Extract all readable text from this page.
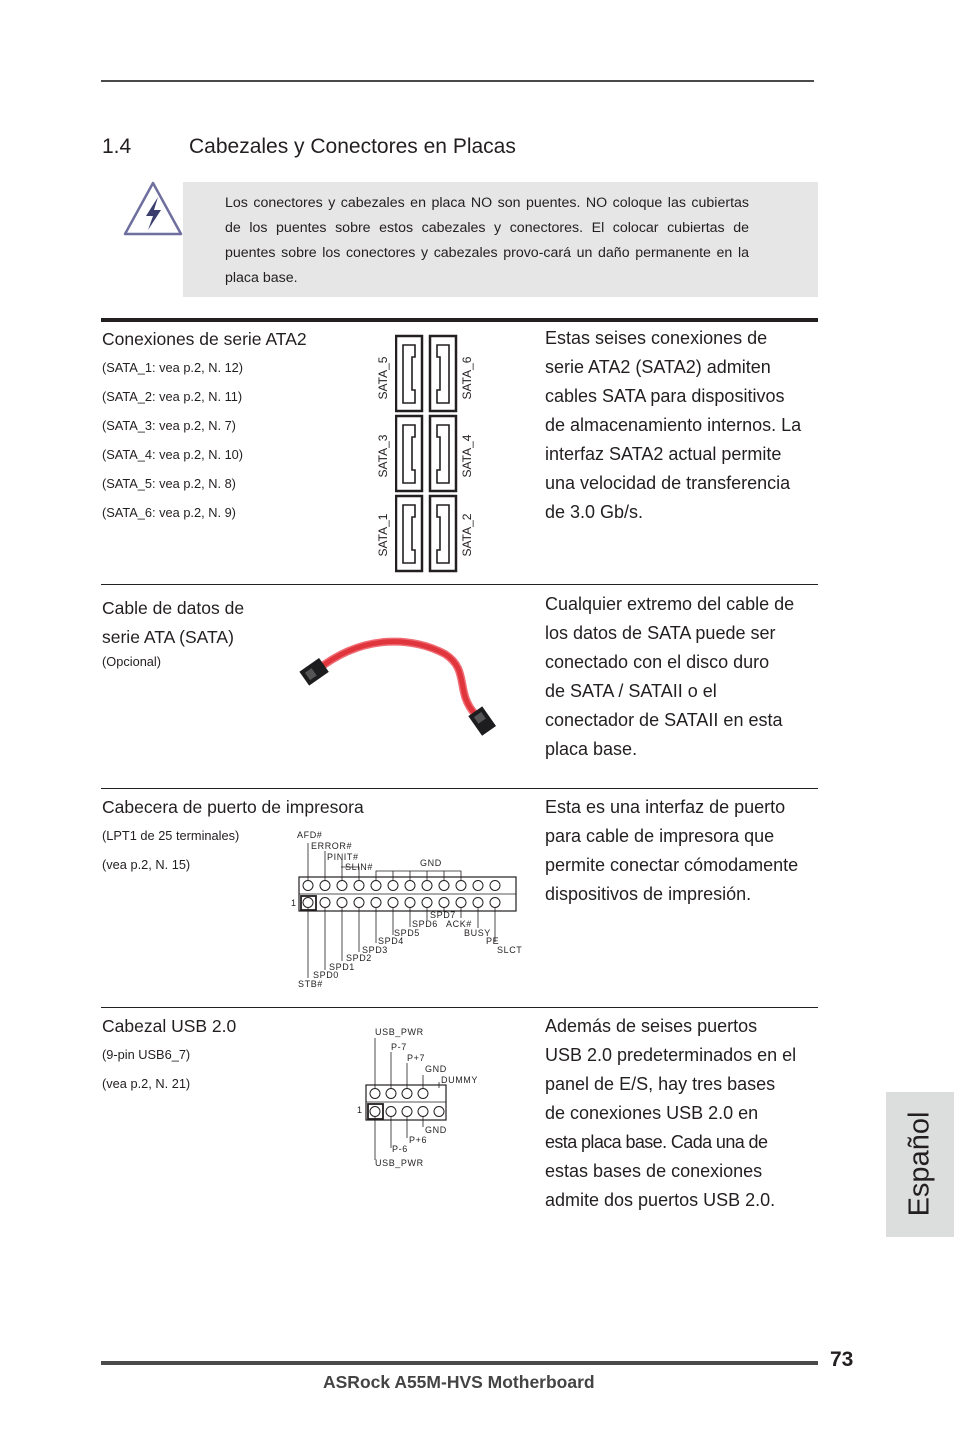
1.4	Cabezales y Conectores en Placas
Los conectores y cabezales en placa NO son puentes. NO coloque las cubiertas de los puentes sobre estos cabezales y conectores. El colocar cubiertas de puentes sobre los conectores y cabezales provo-cará un daño permanente en la placa base.
Conexiones de serie ATA2
(SATA_1: vea p.2, N. 12)
(SATA_2: vea p.2, N. 11)
(SATA_3: vea p.2, N. 7)
(SATA_4: vea p.2, N. 10)
(SATA_5: vea p.2, N. 8)
(SATA_6: vea p.2, N. 9)
SATA_5	SATA_6
SATA_3	SATA_4
SATA_1	SATA_2
Estas seises conexiones de
serie ATA2 (SATA2) admiten
cables SATA para dispositivos
de almacenamiento internos. La
interfaz SATA2 actual permite
una velocidad de transferencia
de 3.0 Gb/s.
Cable de datos de
serie ATA (SATA)
(Opcional)
Cualquier extremo del cable de
los datos de SATA puede ser
conectado con el disco duro
de SATA / SATAII o el
conectador de SATAII en esta
placa base.
Cabecera de puerto de impresora
(LPT1 de 25 terminales)
(vea p.2, N. 15)
AFD#
ERROR#
PINIT#
SLIN#	GND
1
SPD7
SPD6 ACK#
SPD5	BUSY
SPD4	PE
SPD3	SLCT
SPD2
SPD1
SPD0
STB#
Esta es una interfaz de puerto
para cable de impresora que
permite conectar cómodamente
dispositivos de impresión.
Cabezal USB 2.0
(9-pin USB6_7)
(vea p.2, N. 21)
USB_PWR
P-7
P+7
GND
DUMMY
1
GND
P+6
P-6
USB_PWR
Además de seises puertos
USB 2.0 predeterminados en el
panel de E/S, hay tres bases
de conexiones USB 2.0 en
esta placa base. Cada una de
estas bases de conexiones
admite dos puertos USB 2.0.	Español
73
ASRock A55M-HVS Motherboard
